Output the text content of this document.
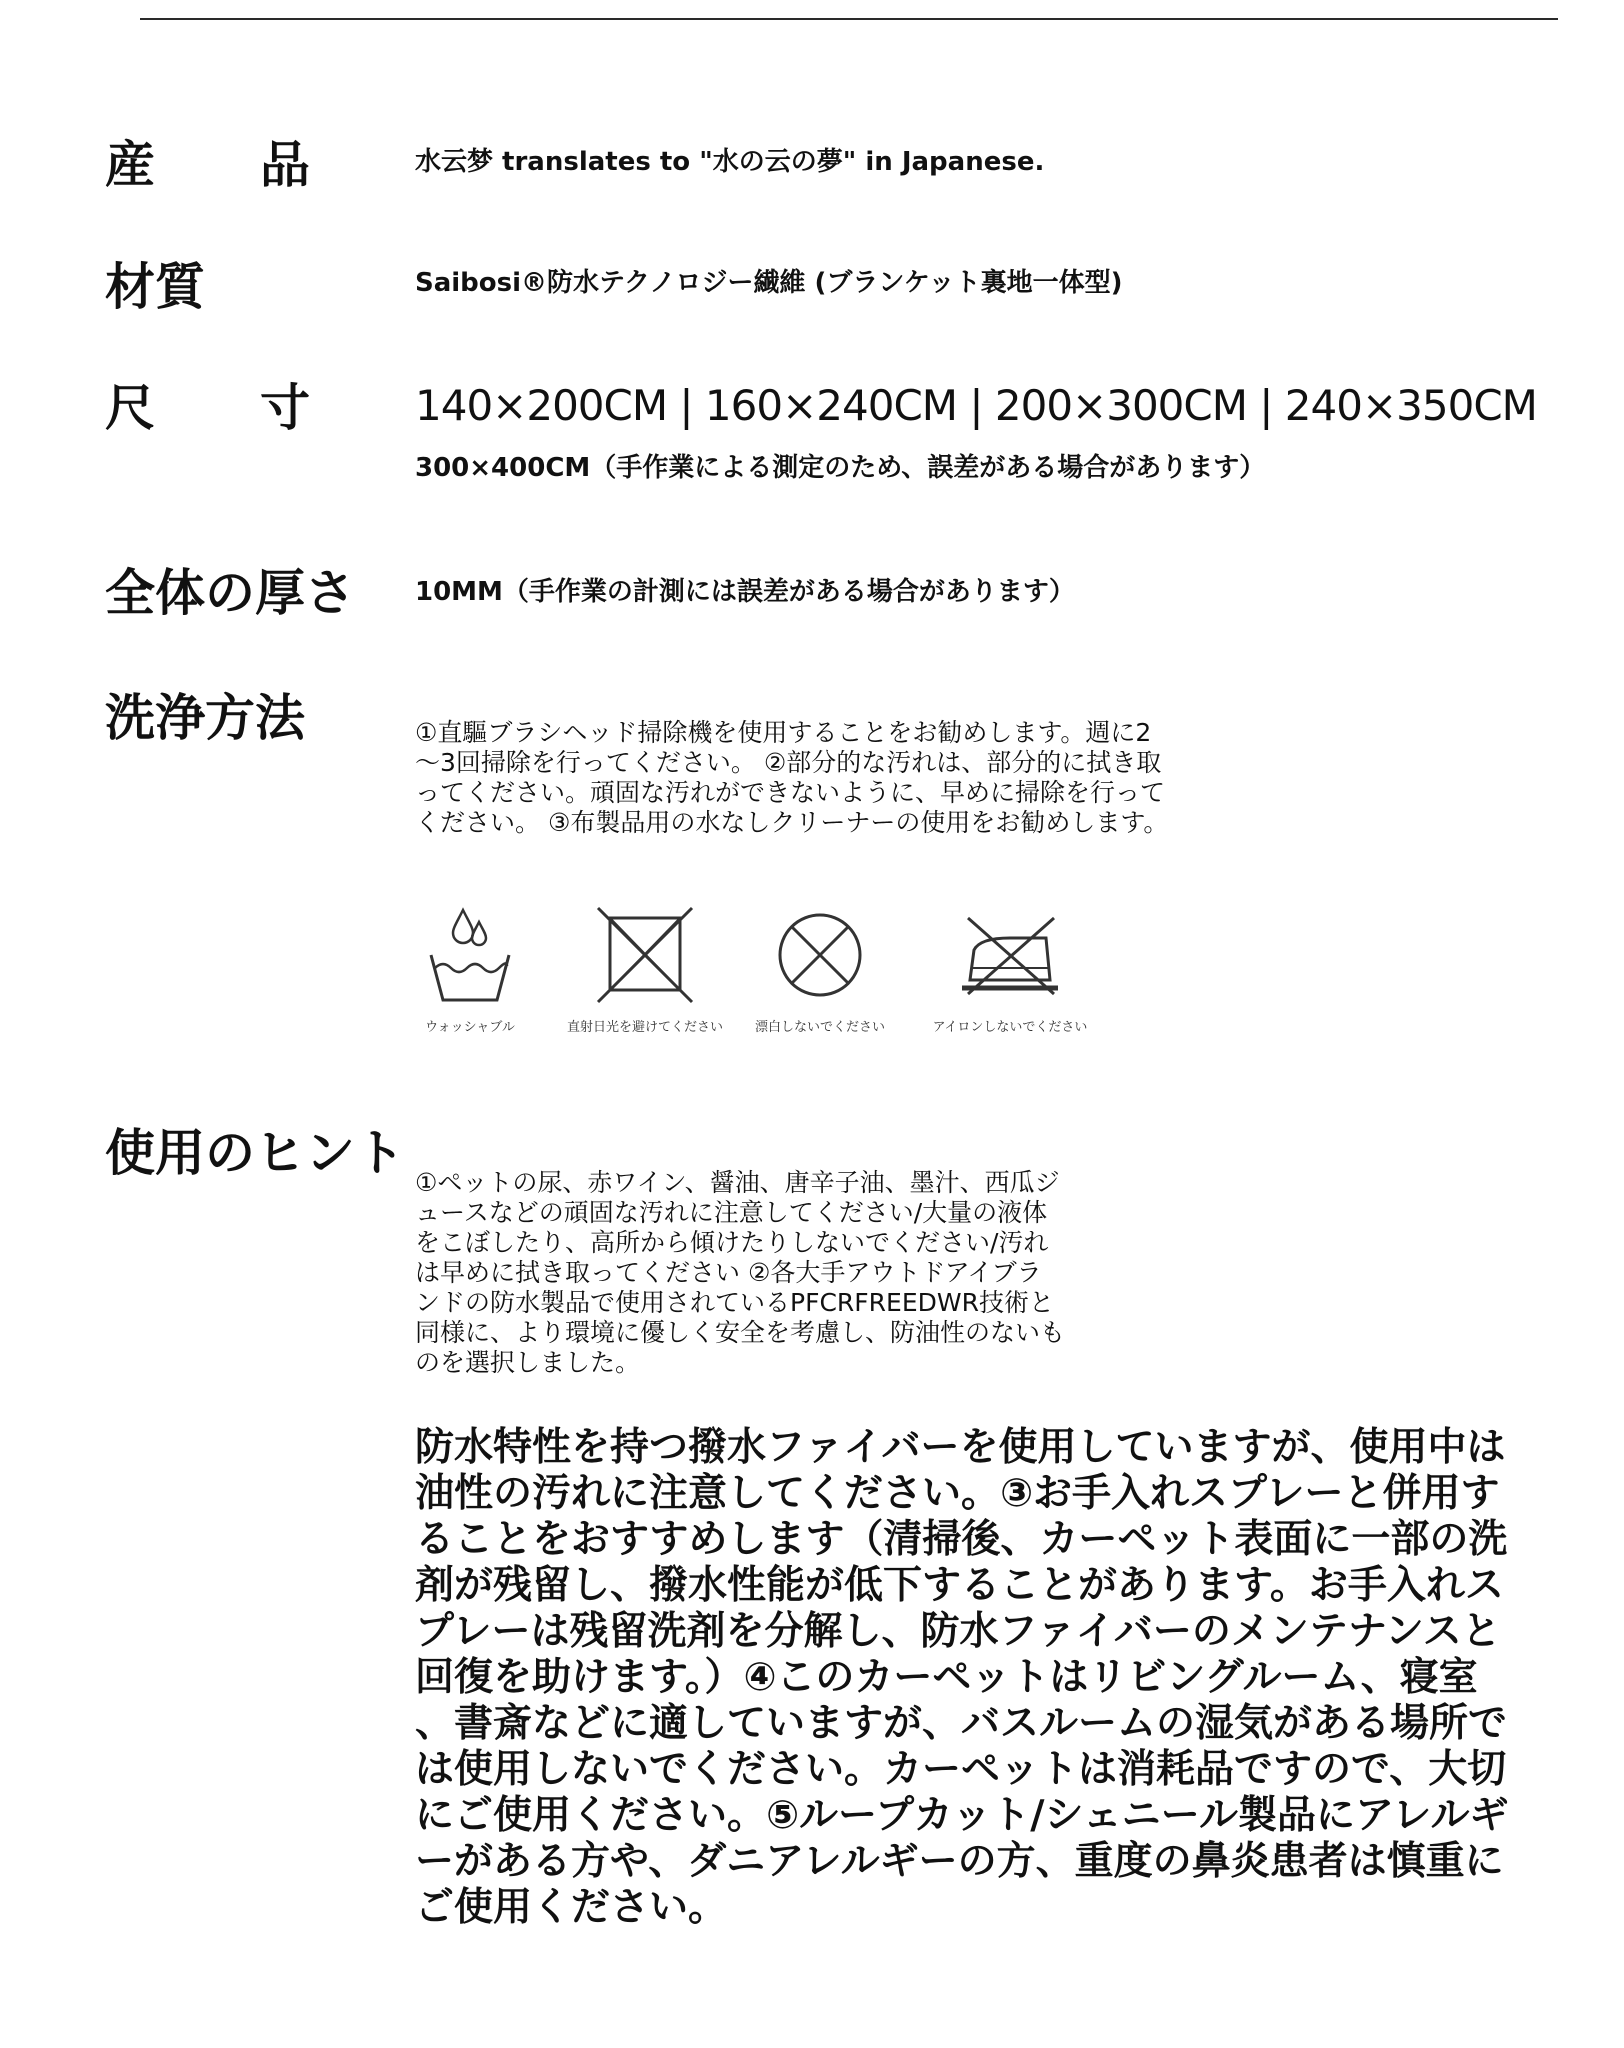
産 品	水云梦 translates to "水の云の夢" in Japanese.
材質	Saibosi®防水テクノロジー繊維 (ブランケット裏地一体型)
尺 寸	140×200CM | 160×240CM | 200×300CM | 240×350CM
300×400CM（手作業による測定のため、誤差がある場合があります）
全体の厚さ 10MM（手作業の計測には誤差がある場合があります）
洗浄方法	①直驅ブラシヘッド掃除機を使用することをお勧めします。週に2
～3回掃除を行ってください。 ②部分的な汚れは、部分的に拭き取
ってください。頑固な汚れができないように、早めに掃除を行って
ください。 ③布製品用の水なしクリーナーの使用をお勧めします。
ウォッシャブル	直射日光を避けてください 漂白しないでください	アイロンしないでください
使用のヒント
①ペットの尿、赤ワイン、醤油、唐辛子油、墨汁、西瓜ジ
ュースなどの頑固な汚れに注意してください/大量の液体
をこぼしたり、高所から傾けたりしないでください/汚れ
は早めに拭き取ってください ②各大手アウトドアイブラ
ンドの防水製品で使用されているPFCRFREEDWR技術と
同様に、より環境に優しく安全を考慮し、防油性のないも
のを選択しました。
防水特性を持つ撥水ファイバーを使用していますが、使用中は
油性の汚れに注意してください。③お手入れスプレーと併用す
ることをおすすめします（清掃後、カーペット表面に一部の洗
剤が残留し、撥水性能が低下することがあります。お手入れス
プレーは残留洗剤を分解し、防水ファイバーのメンテナンスと
回復を助けます。）④このカーペットはリビングルーム、寝室
、書斎などに適していますが、バスルームの湿気がある場所で
は使用しないでください。カーペットは消耗品ですので、大切
にご使用ください。⑤ループカット/シェニール製品にアレルギ
ーがある方や、ダニアレルギーの方、重度の鼻炎患者は慎重に
ご使用ください。
